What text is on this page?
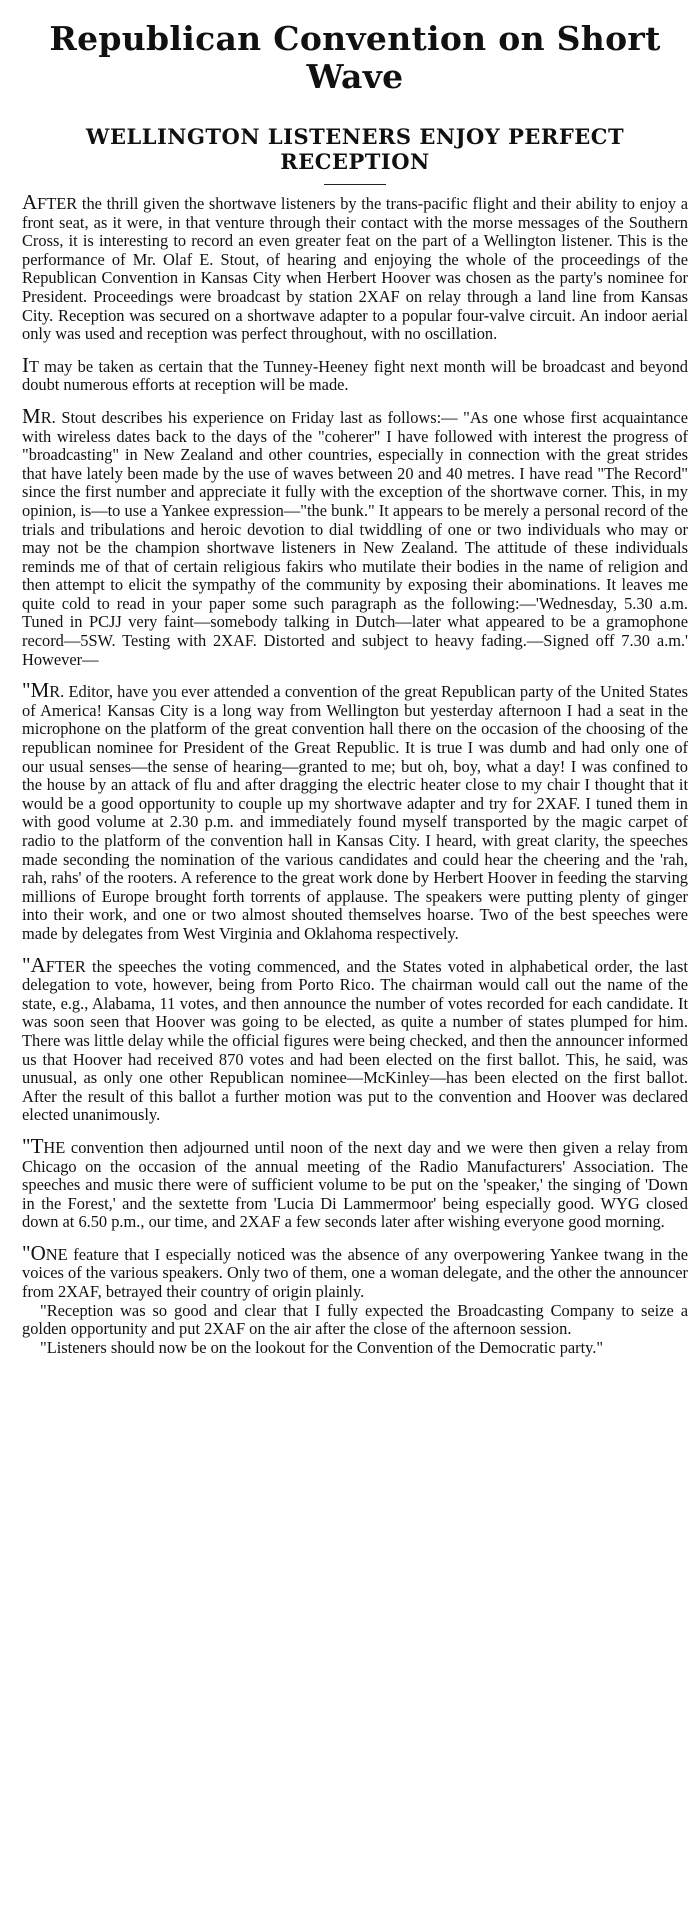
Republican Convention on Short Wave
WELLINGTON LISTENERS ENJOY PERFECT RECEPTION

AFTER the thrill given the shortwave listeners by the trans-pacific flight and their ability to enjoy a front seat, as it were, in that venture through their contact with the morse messages of the Southern Cross, it is interesting to record an even greater feat on the part of a Wellington listener. This is the performance of Mr. Olaf E. Stout, of hearing and enjoying the whole of the proceedings of the Republican Convention in Kansas City when Herbert Hoover was chosen as the party's nominee for President. Proceedings were broadcast by station 2XAF on relay through a land line from Kansas City. Reception was secured on a shortwave adapter to a popular four-valve circuit. An indoor aerial only was used and reception was perfect throughout, with no oscillation.

IT may be taken as certain that the Tunney-Heeney fight next month will be broadcast and beyond doubt numerous efforts at reception will be made.

MR. Stout describes his experience on Friday last as follows:— "As one whose first acquaintance with wireless dates back to the days of the "coherer" I have followed with interest the progress of "broadcasting" in New Zealand and other countries, especially in connection with the great strides that have lately been made by the use of waves between 20 and 40 metres. I have read "The Record" since the first number and appreciate it fully with the exception of the shortwave corner. This, in my opinion, is—to use a Yankee expression—"the bunk." It appears to be merely a personal record of the trials and tribulations and heroic devotion to dial twiddling of one or two individuals who may or may not be the champion shortwave listeners in New Zealand. The attitude of these individuals reminds me of that of certain religious fakirs who mutilate their bodies in the name of religion and then attempt to elicit the sympathy of the community by exposing their abominations. It leaves me quite cold to read in your paper some such paragraph as the following:—'Wednesday, 5.30 a.m. Tuned in PCJJ very faint—somebody talking in Dutch—later what appeared to be a gramophone record—5SW. Testing with 2XAF. Distorted and subject to heavy fading.—Signed off 7.30 a.m.' However—

"MR. Editor, have you ever attended a convention of the great Republican party of the United States of America! Kansas City is a long way from Wellington but yesterday afternoon I had a seat in the microphone on the platform of the great convention hall there on the occasion of the choosing of the republican nominee for President of the Great Republic. It is true I was dumb and had only one of our usual senses—the sense of hearing—granted to me; but oh, boy, what a day! I was confined to the house by an attack of flu and after dragging the electric heater close to my chair I thought that it would be a good opportunity to couple up my shortwave adapter and try for 2XAF. I tuned them in with good volume at 2.30 p.m. and immediately found myself transported by the magic carpet of radio to the platform of the convention hall in Kansas City. I heard, with great clarity, the speeches made seconding the nomination of the various candidates and could hear the cheering and the 'rah, rah, rahs' of the rooters. A reference to the great work done by Herbert Hoover in feeding the starving millions of Europe brought forth torrents of applause. The speakers were putting plenty of ginger into their work, and one or two almost shouted themselves hoarse. Two of the best speeches were made by delegates from West Virginia and Oklahoma respectively.

"AFTER the speeches the voting commenced, and the States voted in alphabetical order, the last delegation to vote, however, being from Porto Rico. The chairman would call out the name of the state, e.g., Alabama, 11 votes, and then announce the number of votes recorded for each candidate. It was soon seen that Hoover was going to be elected, as quite a number of states plumped for him. There was little delay while the official figures were being checked, and then the announcer informed us that Hoover had received 870 votes and had been elected on the first ballot. This, he said, was unusual, as only one other Republican nominee—McKinley—has been elected on the first ballot. After the result of this ballot a further motion was put to the convention and Hoover was declared elected unanimously.

"THE convention then adjourned until noon of the next day and we were then given a relay from Chicago on the occasion of the annual meeting of the Radio Manufacturers' Association. The speeches and music there were of sufficient volume to be put on the 'speaker,' the singing of 'Down in the Forest,' and the sextette from 'Lucia Di Lammermoor' being especially good. WYG closed down at 6.50 p.m., our time, and 2XAF a few seconds later after wishing everyone good morning.

"ONE feature that I especially noticed was the absence of any overpowering Yankee twang in the voices of the various speakers. Only two of them, one a woman delegate, and the other the announcer from 2XAF, betrayed their country of origin plainly.

"Reception was so good and clear that I fully expected the Broadcasting Company to seize a golden opportunity and put 2XAF on the air after the close of the afternoon session.

"Listeners should now be on the lookout for the Convention of the Democratic party."
